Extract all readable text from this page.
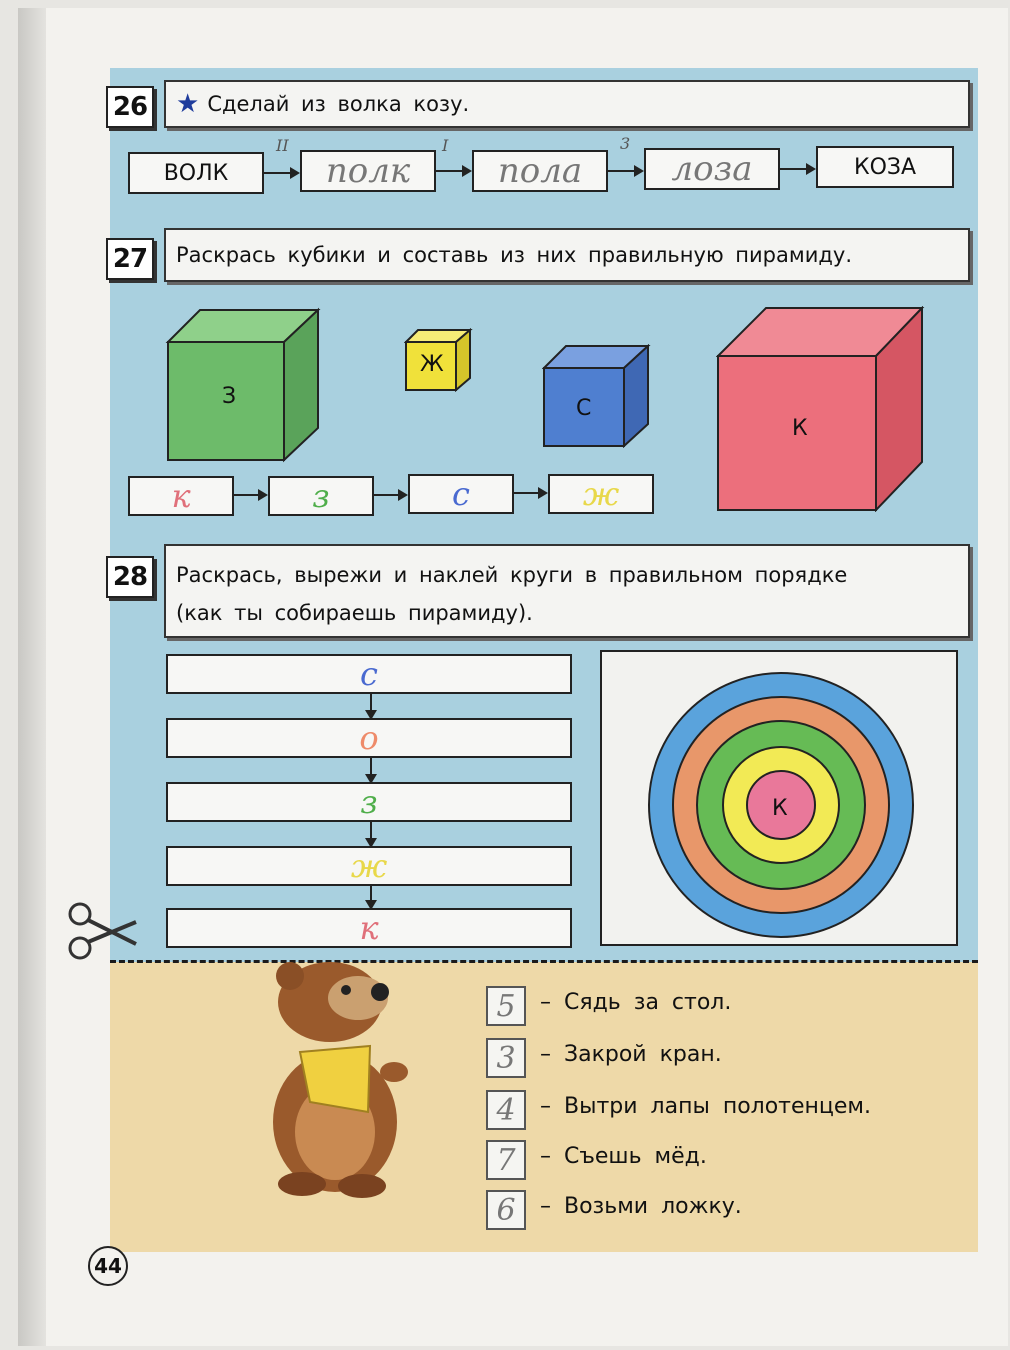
26 ★ Сделай из волка козу.
ВОЛК	полк	пола	лоза	КОЗА
II	I	3
27	Раскрась кубики и составь из них правильную пирамиду.
З
Ж
С
К
к	з	с	ж
28	Раскрась, вырежи и наклей круги в правильном порядке
(как ты собираешь пирамиду).
с
о
з
ж
к
К
5	– Сядь за стол.
3	– Закрой кран.
4	– Вытри лапы полотенцем.
7	– Съешь мёд.
6	– Возьми ложку.
44
